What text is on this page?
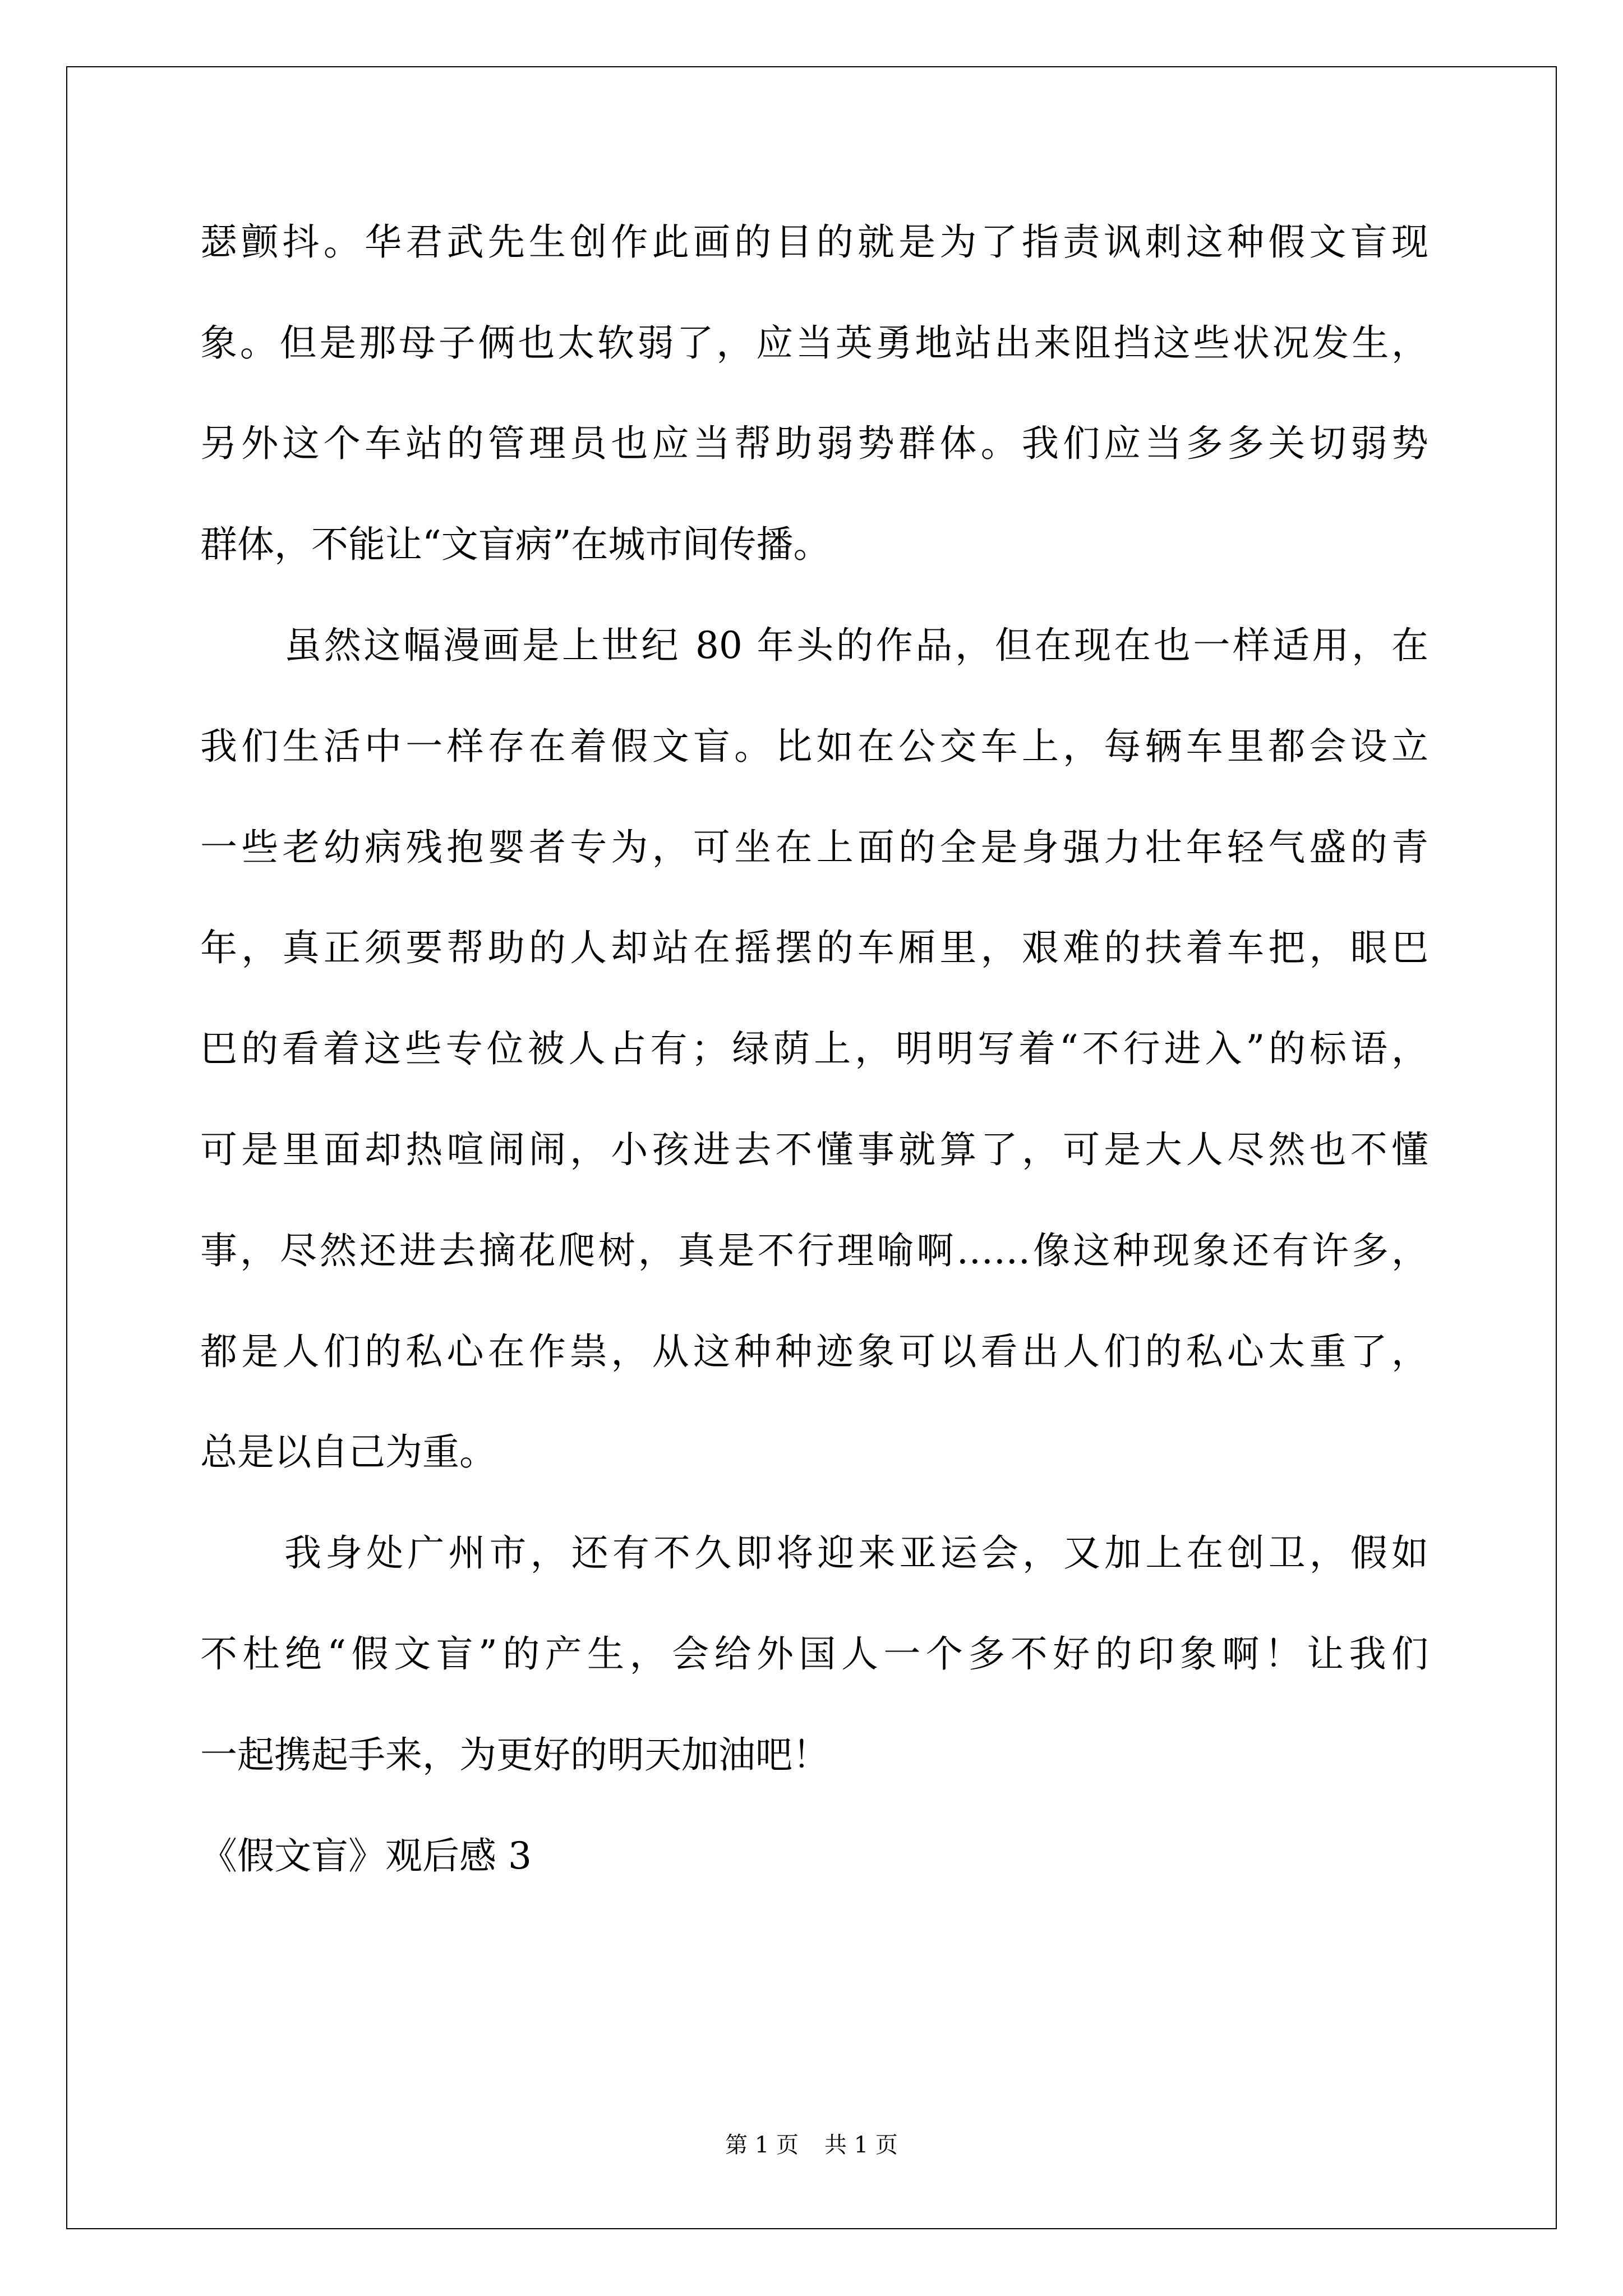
瑟颤抖。华君武先生创作此画的目的就是为了指责讽刺这种假文盲现
象。但是那母子俩也太软弱了，应当英勇地站出来阻挡这些状况发生，
另外这个车站的管理员也应当帮助弱势群体。我们应当多多关切弱势
群体，不能让“文盲病”在城市间传播。
虽然这幅漫画是上世纪 80 年头的作品，但在现在也一样适用，在
我们生活中一样存在着假文盲。比如在公交车上，每辆车里都会设立
一些老幼病残抱婴者专为，可坐在上面的全是身强力壮年轻气盛的青
年，真正须要帮助的人却站在摇摆的车厢里，艰难的扶着车把，眼巴
巴的看着这些专位被人占有；绿荫上，明明写着“不行进入”的标语，
可是里面却热喧闹闹，小孩进去不懂事就算了，可是大人尽然也不懂
事，尽然还进去摘花爬树，真是不行理喻啊……像这种现象还有许多，
都是人们的私心在作祟，从这种种迹象可以看出人们的私心太重了，
总是以自己为重。
我身处广州市，还有不久即将迎来亚运会，又加上在创卫，假如
不杜绝“假文盲”的产生，会给外国人一个多不好的印象啊！让我们
一起携起手来，为更好的明天加油吧！
《假文盲》观后感 3
第 1 页 共 1 页
